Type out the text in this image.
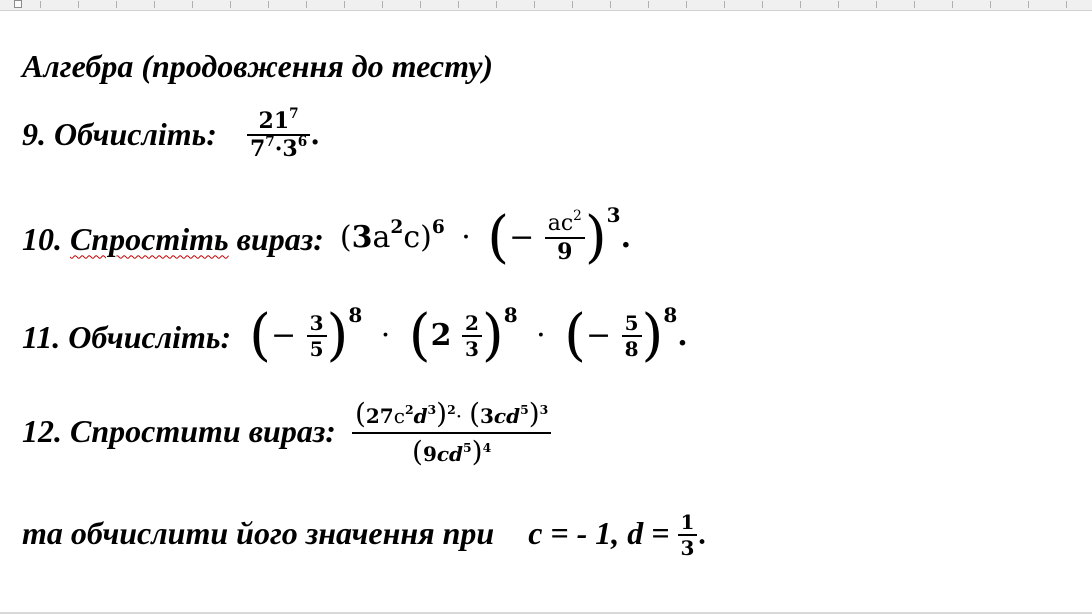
Алгебра (продовження до тесту)
9. Обчисліть: $\frac{21^7}{7^7\cdot 3^6}$ .
10. Спростіть вираз: $(3a^2c)^6$ · (− $\frac{ac^2}{9} )^3$.
11. Обчисліть: (− $\frac{3}{5} )^8 \cdot (2 \frac{2}{3} )^8$ · (− $\frac{5}{8} )^8$.
12. Спростити вираз: $\frac{(27c^2d^3)^2\cdot (3cd^5)^3}{(9cd^5)^4}$
та обчислити його значення при c = - 1, $d = \frac{1}{3}$ .
